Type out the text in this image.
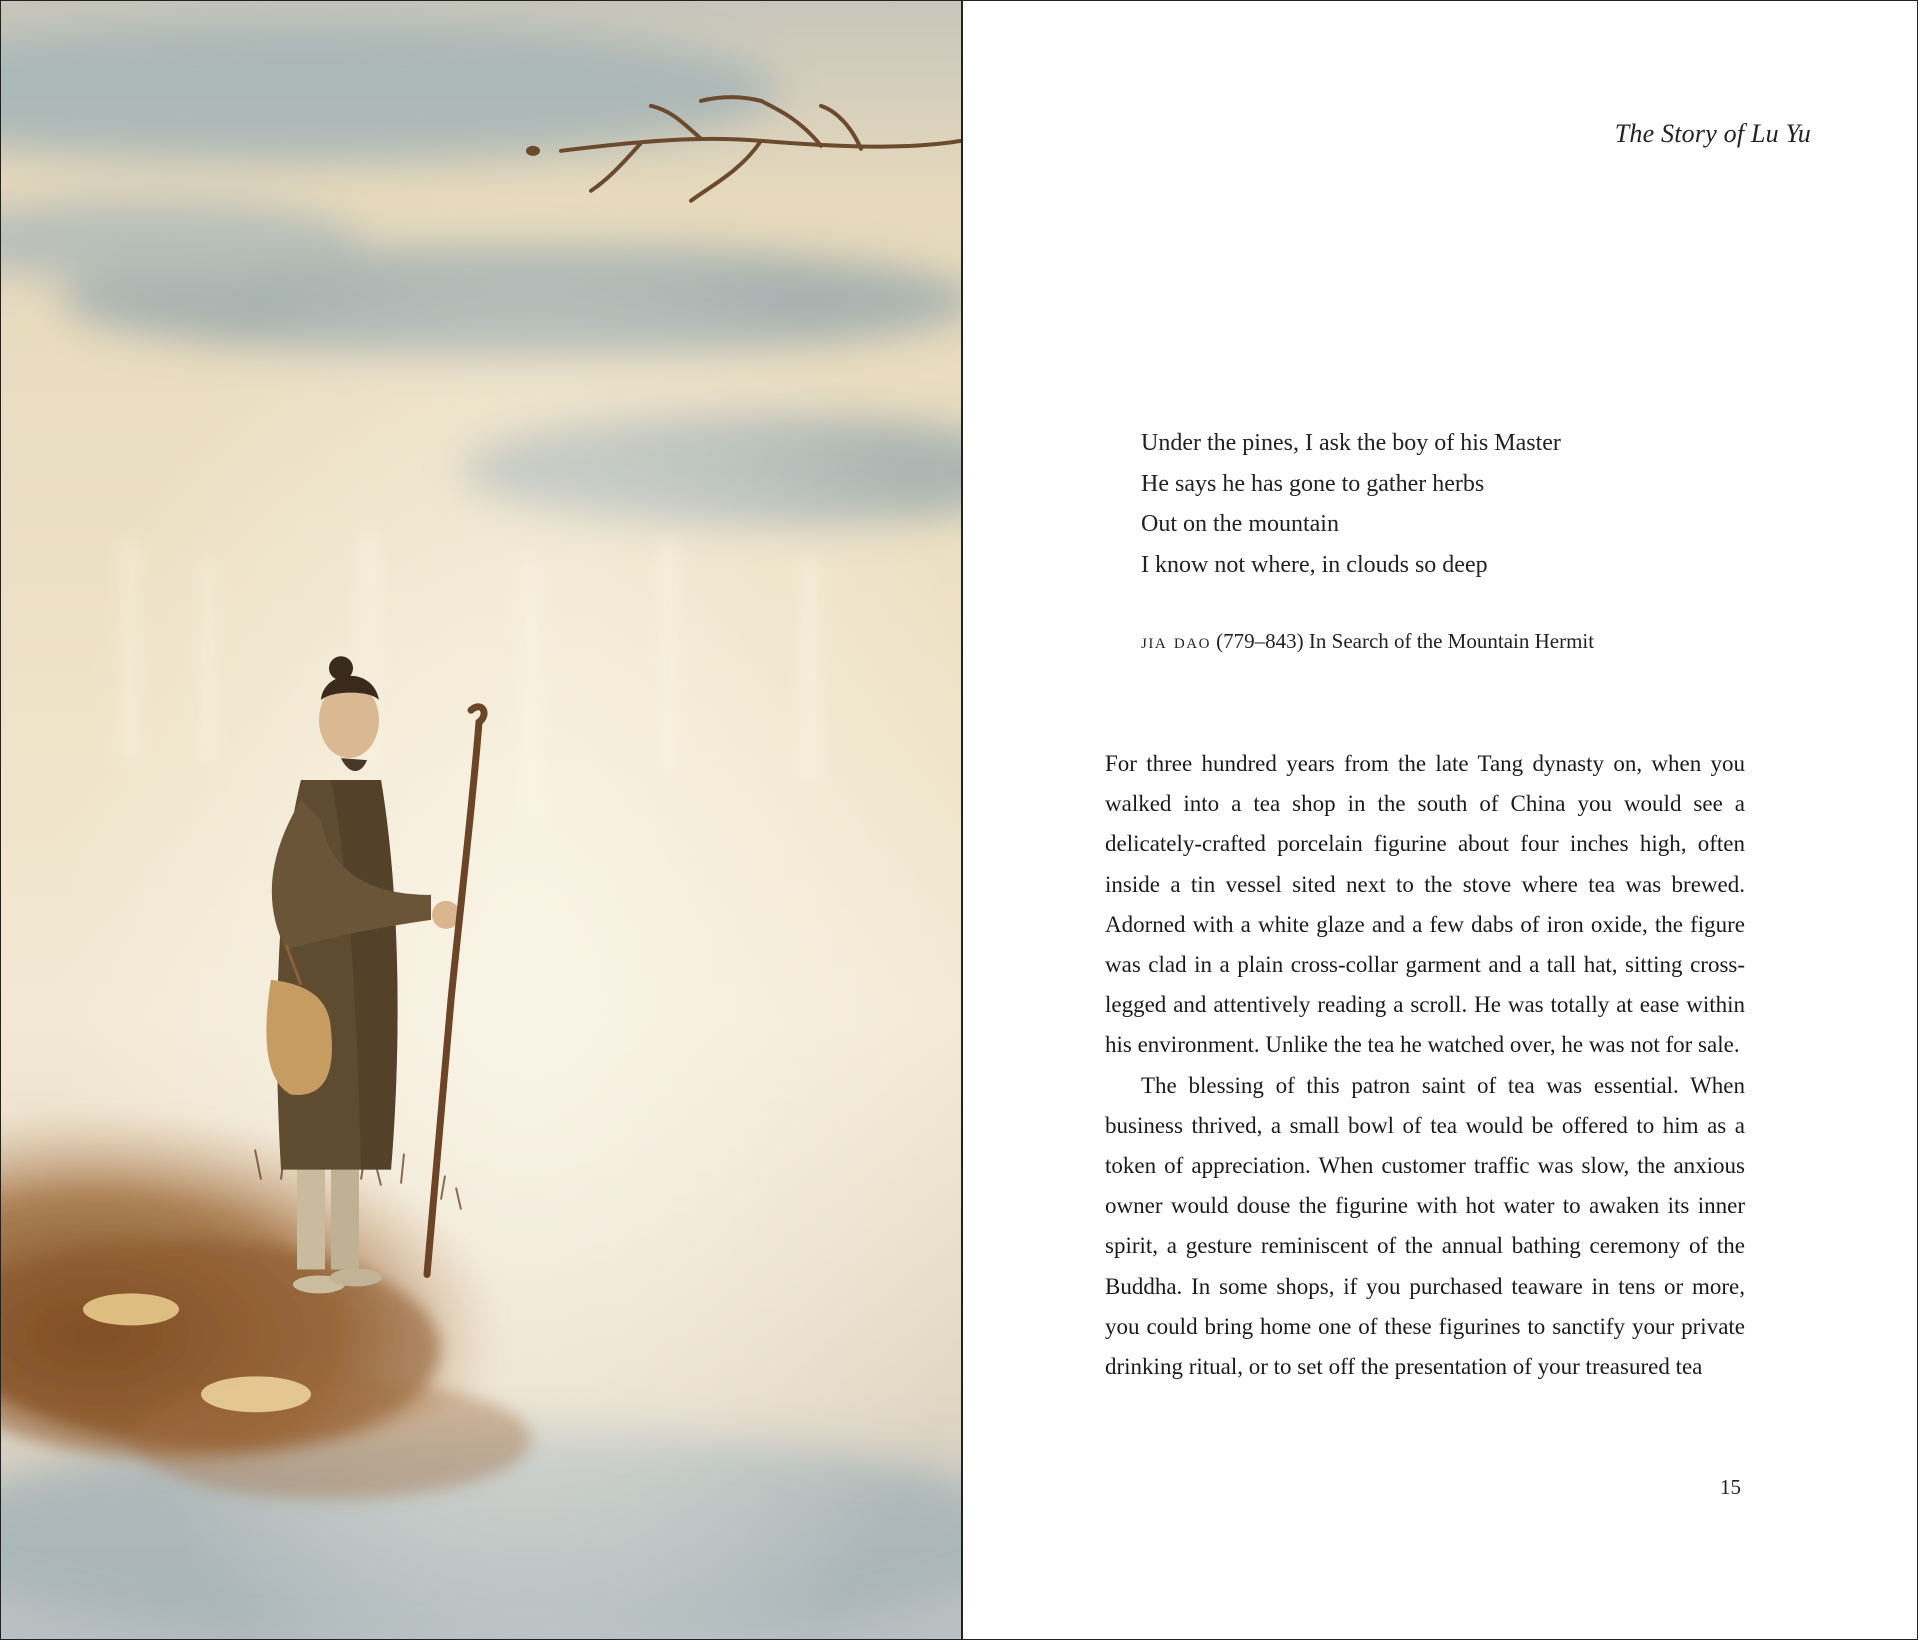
The Story of Lu Yu
Under the pines, I ask the boy of his Master
He says he has gone to gather herbs
Out on the mountain
I know not where, in clouds so deep
jia dao (779–843) In Search of the Mountain Hermit

For three hundred years from the late Tang dynasty on, when you walked into a tea shop in the south of China you would see a delicately-crafted porcelain figurine about four inches high, often inside a tin vessel sited next to the stove where tea was brewed. Adorned with a white glaze and a few dabs of iron oxide, the figure was clad in a plain cross-collar garment and a tall hat, sitting cross-legged and attentively reading a scroll. He was totally at ease within his environment. Unlike the tea he watched over, he was not for sale.

The blessing of this patron saint of tea was essential. When business thrived, a small bowl of tea would be offered to him as a token of appreciation. When customer traffic was slow, the anxious owner would douse the figurine with hot water to awaken its inner spirit, a gesture reminiscent of the annual bathing ceremony of the Buddha. In some shops, if you purchased teaware in tens or more, you could bring home one of these figurines to sanctify your private drinking ritual, or to set off the presentation of your treasured tea

15
